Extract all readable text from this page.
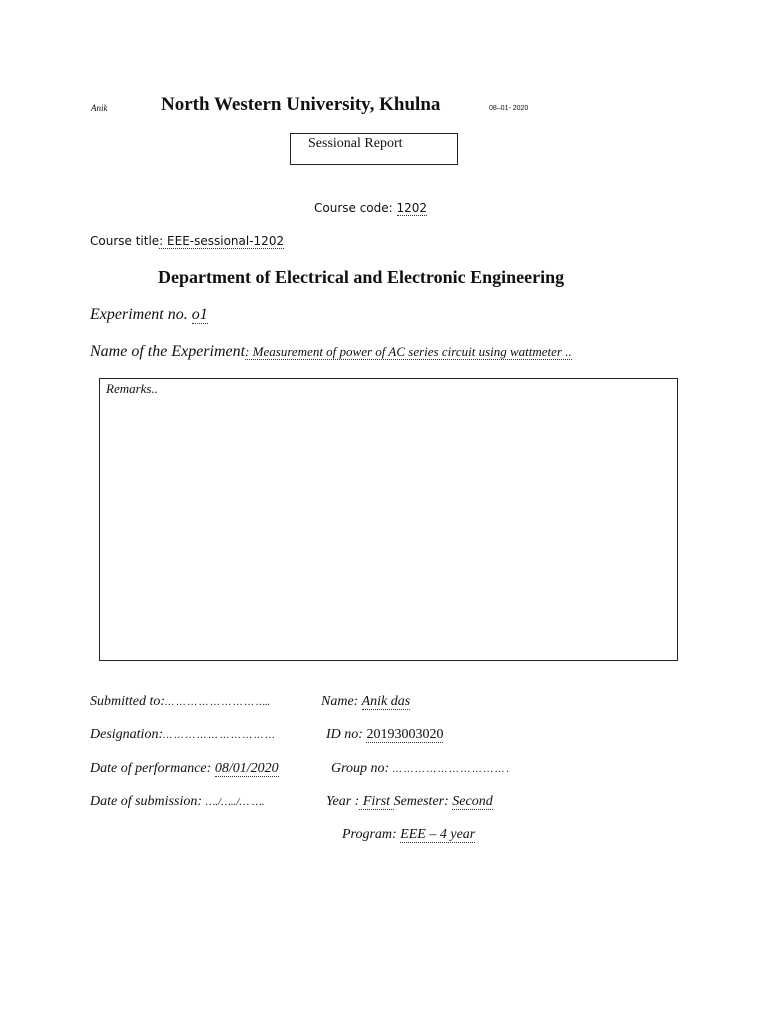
Anik	North Western University, Khulna	08–01- 2020
Sessional Report
Course code: 1202
Course title: EEE-sessional-1202
Department of Electrical and Electronic Engineering
Experiment no. o1
Name of the Experiment: Measurement of power of AC series circuit using wattmeter ..
Remarks..
Submitted to:… … … … … … … … …..	Name: Anik das
Designation:… … … … … … … … … …	ID no: 20193003020
Date of performance: 08/01/2020	Group no: … … … … … … … … … … .
Date of submission: …./…../… ….	Year : First Semester: Second
Program: EEE – 4 year
